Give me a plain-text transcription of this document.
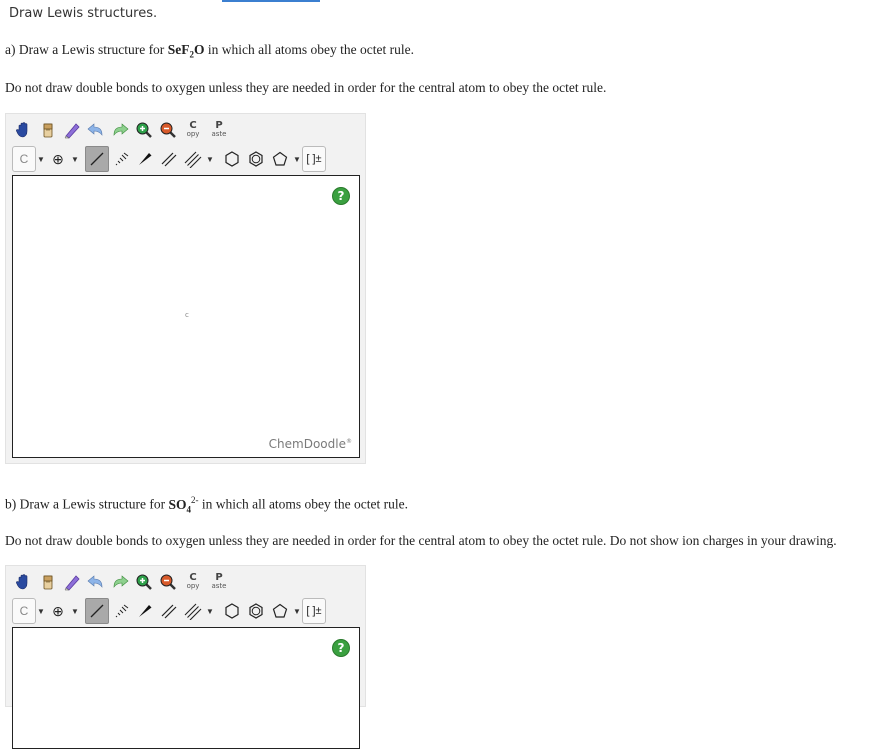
Draw Lewis structures.
a) Draw a Lewis structure for SeF$_2$O in which all atoms obey the octet rule.
Do not draw double bonds to oxygen unless they are needed in order for the central atom to obey the octet rule.
C
opy
P
aste
C ▼ ⊕ ▼	▼	▼ [ ]±
?
c
ChemDoodle®
b) Draw a Lewis structure for $SO_4^{2-}$ in which all atoms obey the octet rule.
Do not draw double bonds to oxygen unless they are needed in order for the central atom to obey the octet rule. Do not show ion charges in your drawing.
C
opy
P
aste
C ▼ ⊕ ▼	▼	▼ [ ]±
?
